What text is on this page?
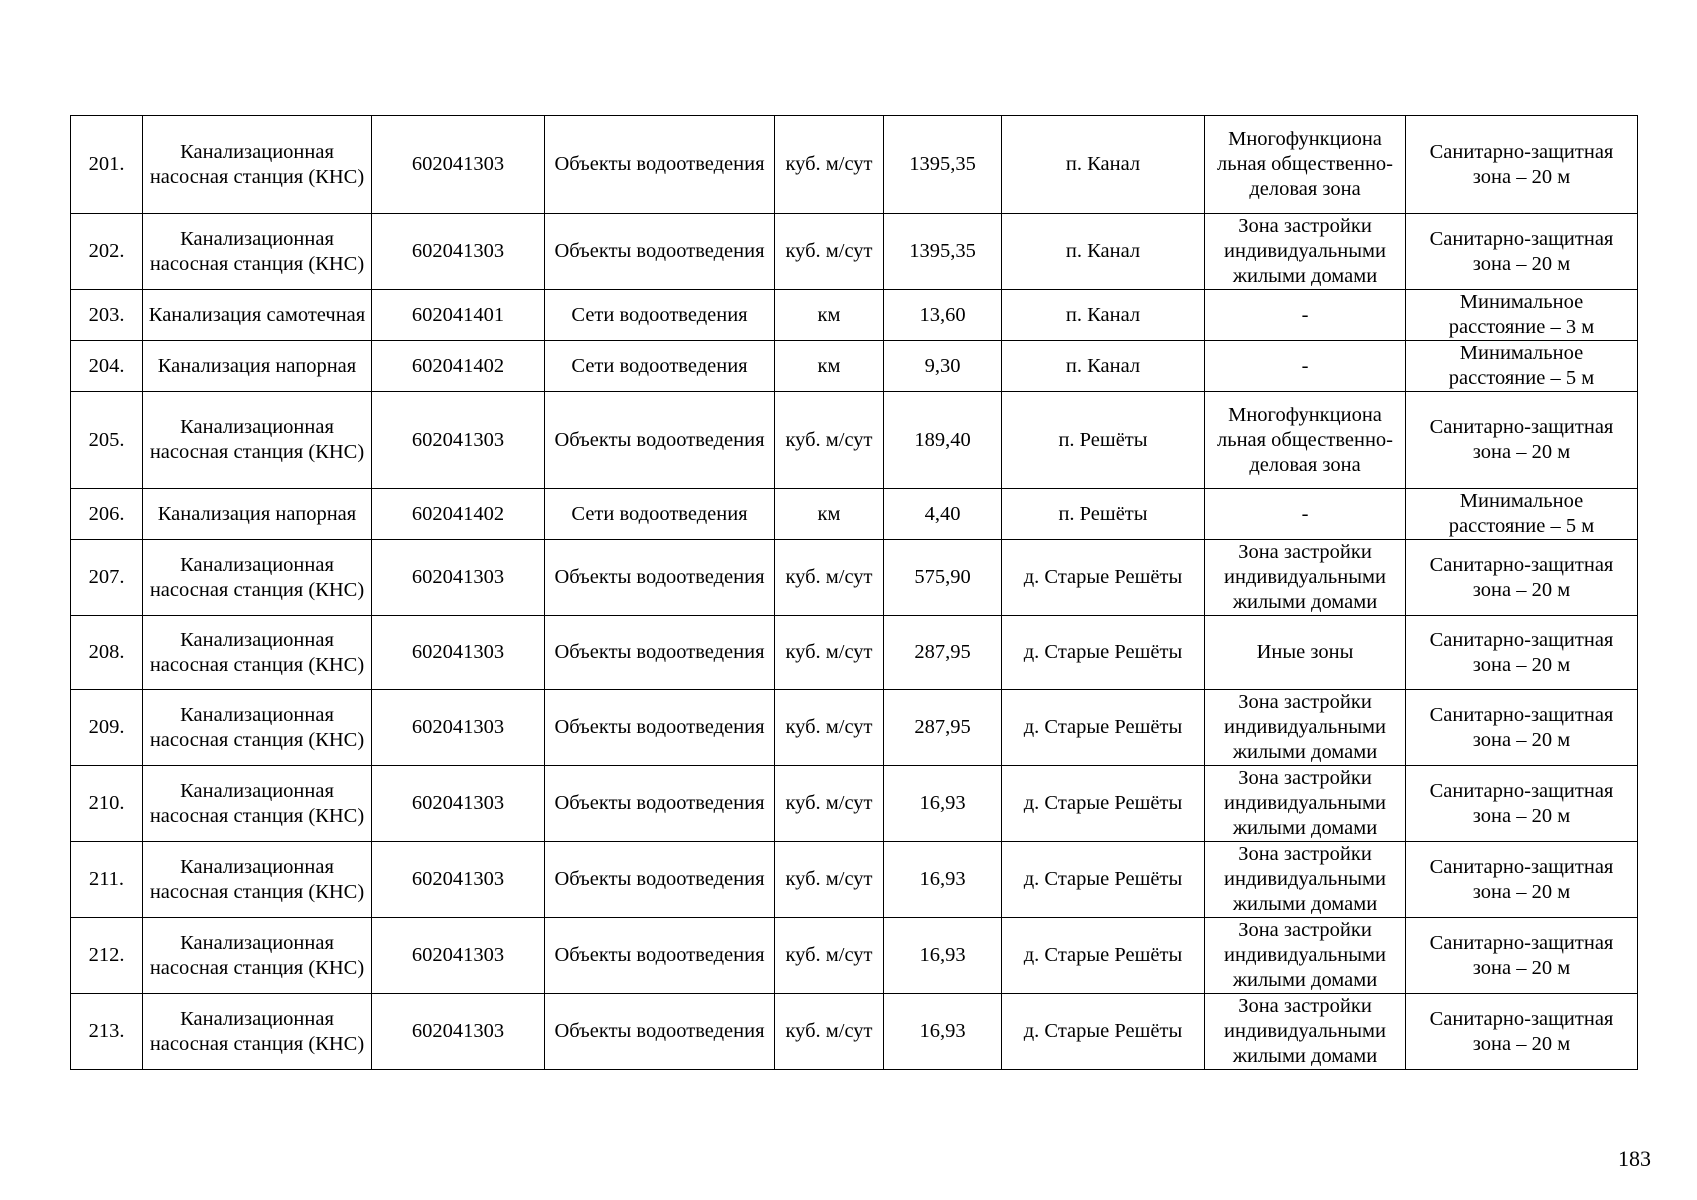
201.	Канализационная насосная станция (КНС)	602041303	Объекты водоотведения	куб. м/сут	1395,35	п. Канал	Многофункциона льная общественно-деловая зона	Санитарно-защитная зона – 20 м
202.	Канализационная насосная станция (КНС)	602041303	Объекты водоотведения	куб. м/сут	1395,35	п. Канал	Зона застройки индивидуальными жилыми домами	Санитарно-защитная зона – 20 м
203.	Канализация самотечная	602041401	Сети водоотведения	км	13,60	п. Канал	-	Минимальное расстояние – 3 м
204.	Канализация напорная	602041402	Сети водоотведения	км	9,30	п. Канал	-	Минимальное расстояние – 5 м
205.	Канализационная насосная станция (КНС)	602041303	Объекты водоотведения	куб. м/сут	189,40	п. Решёты	Многофункциона льная общественно-деловая зона	Санитарно-защитная зона – 20 м
206.	Канализация напорная	602041402	Сети водоотведения	км	4,40	п. Решёты	-	Минимальное расстояние – 5 м
207.	Канализационная насосная станция (КНС)	602041303	Объекты водоотведения	куб. м/сут	575,90	д. Старые Решёты	Зона застройки индивидуальными жилыми домами	Санитарно-защитная зона – 20 м
208.	Канализационная насосная станция (КНС)	602041303	Объекты водоотведения	куб. м/сут	287,95	д. Старые Решёты	Иные зоны	Санитарно-защитная зона – 20 м
209.	Канализационная насосная станция (КНС)	602041303	Объекты водоотведения	куб. м/сут	287,95	д. Старые Решёты	Зона застройки индивидуальными жилыми домами	Санитарно-защитная зона – 20 м
210.	Канализационная насосная станция (КНС)	602041303	Объекты водоотведения	куб. м/сут	16,93	д. Старые Решёты	Зона застройки индивидуальными жилыми домами	Санитарно-защитная зона – 20 м
211.	Канализационная насосная станция (КНС)	602041303	Объекты водоотведения	куб. м/сут	16,93	д. Старые Решёты	Зона застройки индивидуальными жилыми домами	Санитарно-защитная зона – 20 м
212.	Канализационная насосная станция (КНС)	602041303	Объекты водоотведения	куб. м/сут	16,93	д. Старые Решёты	Зона застройки индивидуальными жилыми домами	Санитарно-защитная зона – 20 м
213.	Канализационная насосная станция (КНС)	602041303	Объекты водоотведения	куб. м/сут	16,93	д. Старые Решёты	Зона застройки индивидуальными жилыми домами	Санитарно-защитная зона – 20 м
183
